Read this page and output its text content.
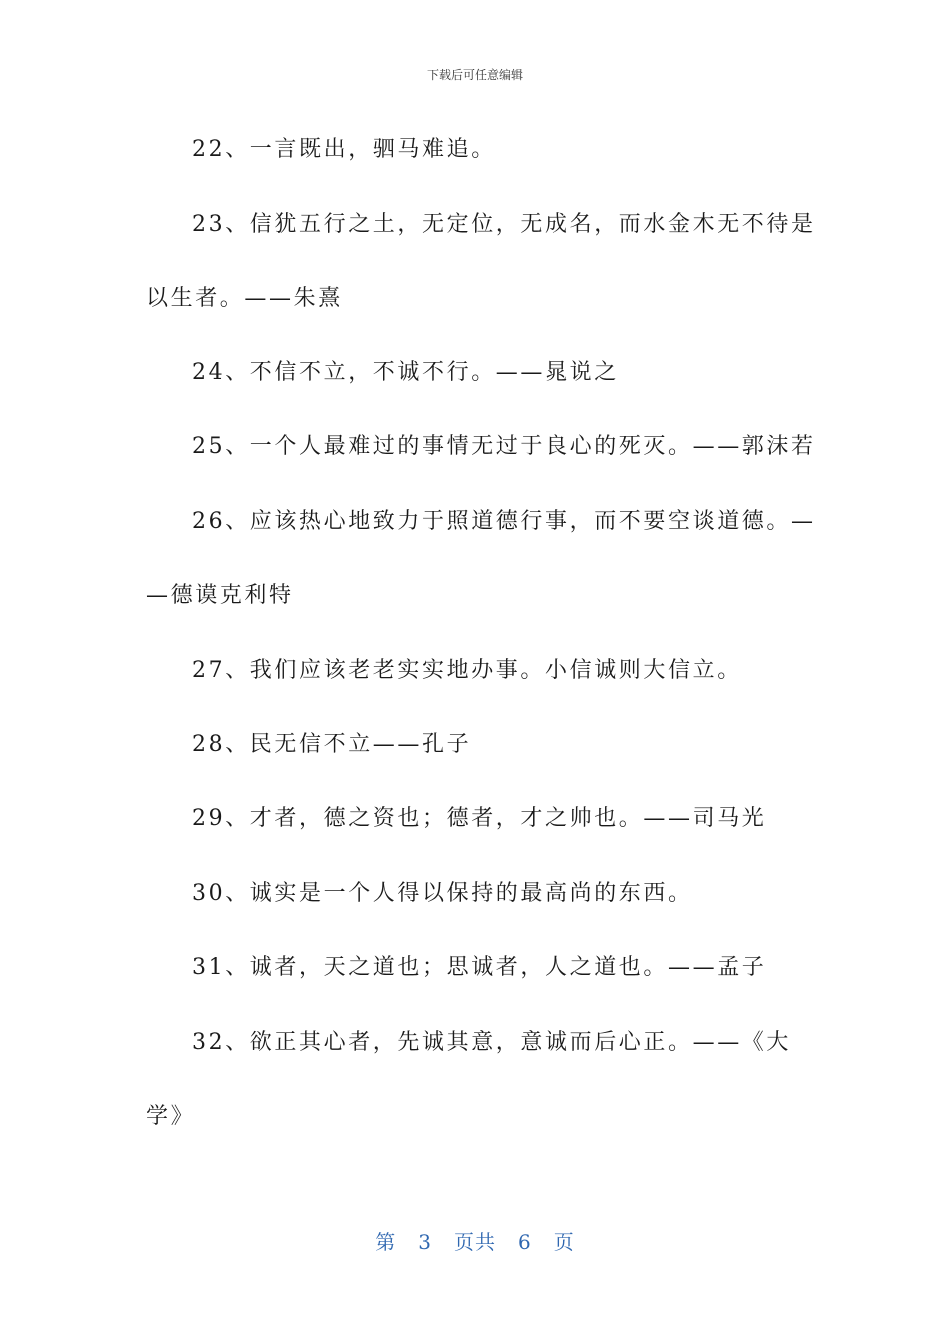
下载后可任意编辑
22、一言既出，驷马难追。
23、信犹五行之土，无定位，无成名，而水金木无不待是
以生者。——朱熹
24、不信不立，不诚不行。——晁说之
25、一个人最难过的事情无过于良心的死灭。——郭沫若
26、应该热心地致力于照道德行事，而不要空谈道德。—
—德谟克利特
27、我们应该老老实实地办事。小信诚则大信立。
28、民无信不立——孔子
29、才者，德之资也；德者，才之帅也。——司马光
30、诚实是一个人得以保持的最高尚的东西。
31、诚者，天之道也；思诚者，人之道也。——孟子
32、欲正其心者，先诚其意，意诚而后心正。——《大
学》
第 3 页共 6 页
